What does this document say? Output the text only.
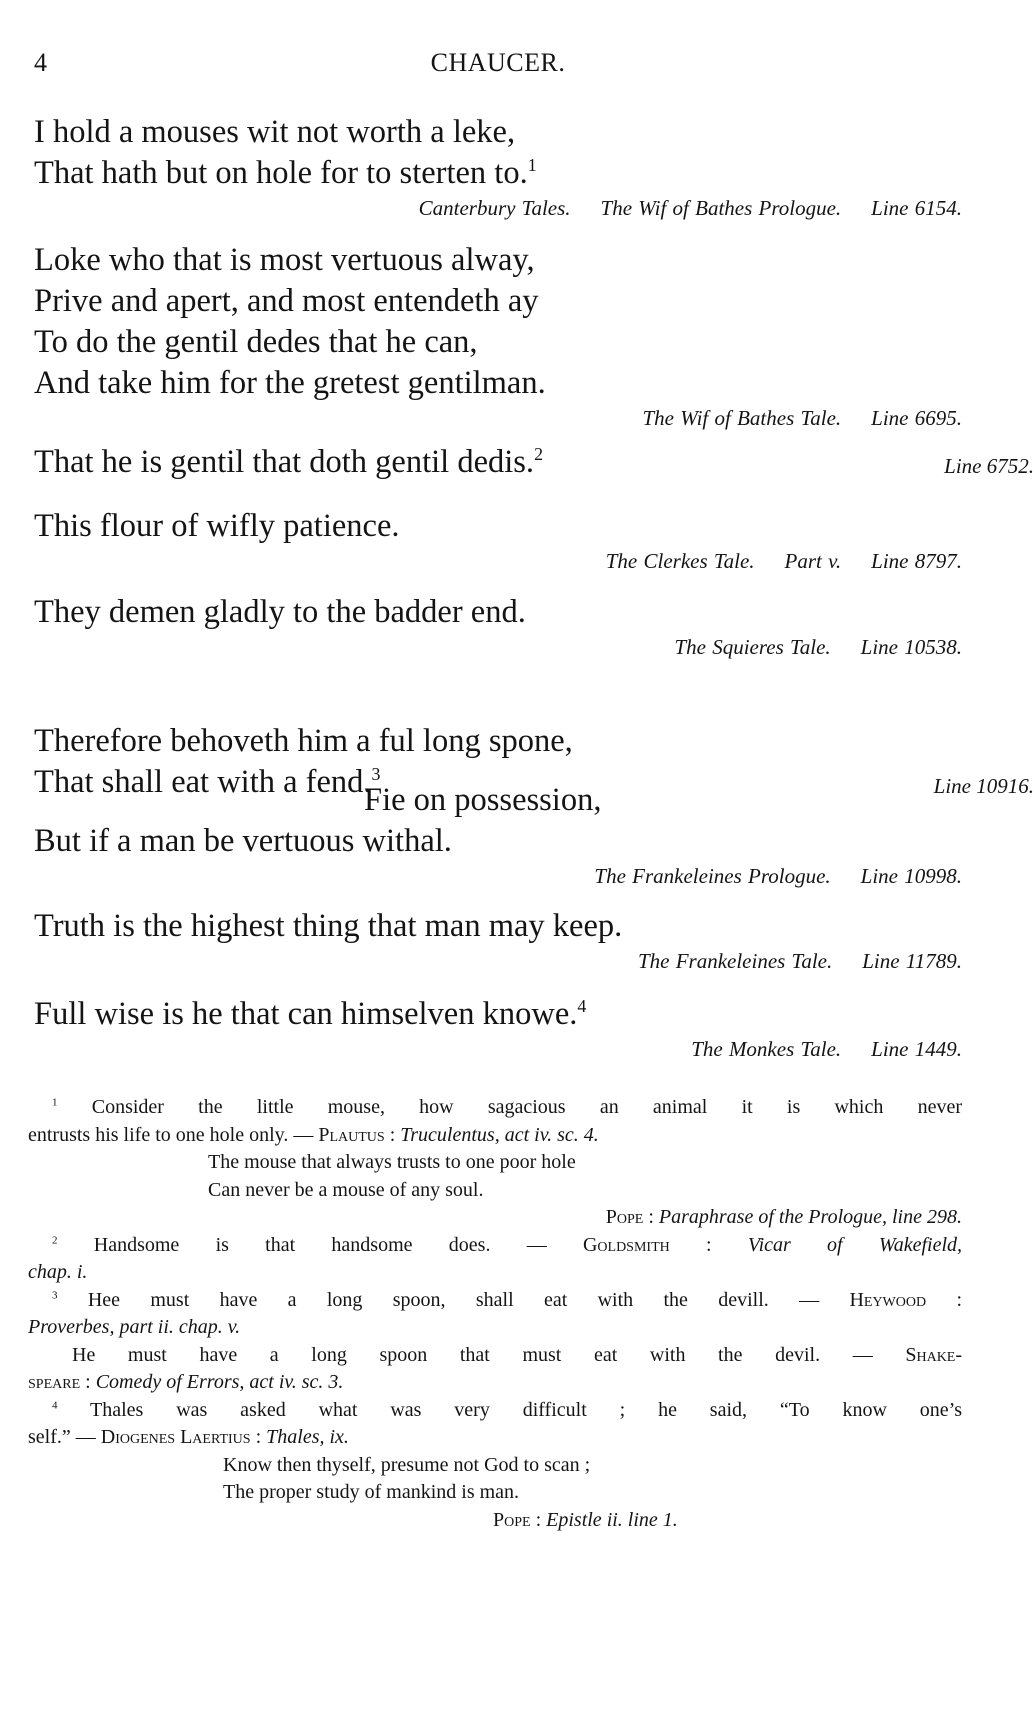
4	CHAUCER.
I hold a mouses wit not worth a leke,
That hath but on hole for to sterten to.$^1$
Canterbury Tales. The Wif of Bathes Prologue. Line 6154.
Loke who that is most vertuous alway,
Prive and apert, and most entendeth ay
To do the gentil dedes that he can,
And take him for the gretest gentilman.
The Wif of Bathes Tale. Line 6695.
That he is gentil that doth gentil dedis.$^2$	Line 6752.
This flour of wifly patience.
The Clerkes Tale. Part v. Line 8797.
They demen gladly to the badder end.
The Squieres Tale. Line 10538.
Therefore behoveth him a ful long spone,
That shall eat with a fend.$^3$	Line 10916.
Fie on possession,
But if a man be vertuous withal.
The Frankeleines Prologue. Line 10998.
Truth is the highest thing that man may keep.
The Frankeleines Tale. Line 11789.
Full wise is he that can himselven knowe.$^4$
The Monkes Tale. Line 1449.
$^1$ Consider the little mouse, how sagacious an animal it is which never
entrusts his life to one hole only. — Plautus : Truculentus, act iv. sc. 4.
The mouse that always trusts to one poor hole
Can never be a mouse of any soul.
Pope : Paraphrase of the Prologue, line 298.
$^2$ Handsome is that handsome does. — Goldsmith : Vicar of Wakefield,
chap. i.
$^3$ Hee must have a long spoon, shall eat with the devill. — Heywood :
Proverbes, part ii. chap. v.
He must have a long spoon that must eat with the devil. — Shake-
speare : Comedy of Errors, act iv. sc. 3.
$^4$ Thales was asked what was very difficult ; he said, “To know one’s
self.” — Diogenes Laertius : Thales, ix.
Know then thyself, presume not God to scan ;
The proper study of mankind is man.
Pope : Epistle ii. line 1.
